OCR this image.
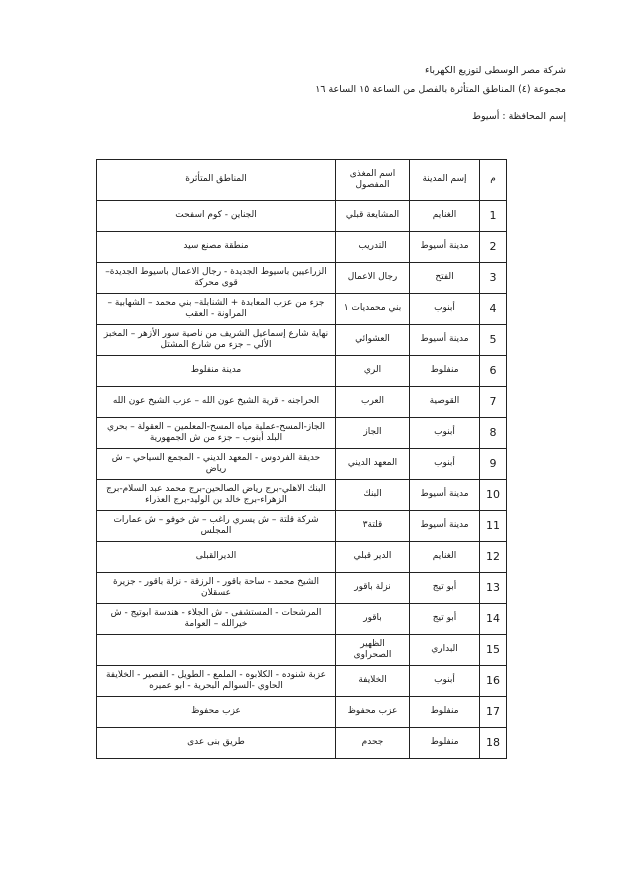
شركة مصر الوسطى لتوزيع الكهرباء
مجموعة (٤) المناطق المتأثرة بالفصل من الساعة ١٥ الساعة ١٦
إسم المحافظة : أسيوط
م	إسم المدينة	اسم المغذى المفصول	المناطق المتأثرة
1	الغنايم	المشايعة قبلي	الجناين - كوم اسفحت
2	مدينة أسيوط	التدريب	منطقة مصنع سيد
3	الفتح	رجال الاعمال	الزراعيين باسيوط الجديدة - رجال الاعمال باسيوط الجديدة– قوى محركة
4	أبنوب	بني محمديات ١	جزء من عزب المعابدة + الشنابلة– بني محمد – الشهابية – المراونة - العقب
5	مدينة أسيوط	العشوائي	نهاية شارع إسماعيل الشريف من ناصية سور الأزهر – المخبز الألي – جزء من شارع المشتل
6	منفلوط	الري	مدينة منفلوط
7	القوصية	العرب	الحراجنه - قرية الشيخ عون الله – عزب الشيخ عون الله
8	أبنوب	الجاز	الجاز-المسح-عملية مياه المسح-المعلمين – العقولة – بحري البلد أبنوب – جزء من ش الجمهورية
9	أبنوب	المعهد الديني	حديقة الفردوس - المعهد الديني - المجمع السياحي – ش رياض
10	مدينة أسيوط	البنك	البنك الاهلي-برج رياض الصالحين-برج محمد عبد السلام-برج الزهراء-برج خالد بن الوليد-برج العذراء
11	مدينة أسيوط	قلتة٣	شركة قلتة – ش يسري راغب – ش خوفو – ش عمارات المجلس
12	الغنايم	الدير قبلي	الديرالقبلى
13	أبو تيج	نزلة باقور	الشيخ محمد - ساحة باقور - الرزقة - نزلة باقور - جزيرة عسقلان
14	أبو تيج	باقور	المرشحات - المستشفى - ش الجلاء - هندسة ابوتيج - ش خيرالله – العوامة
15	البداري	الظهير الصحراوى	
16	أبنوب	الخلايفة	عزبة شنوده - الكلابوه - الملمع - الطويل - القصير - الخلايفة الحاوي -السوالم البحرية - ابو عميره
17	منفلوط	عزب محفوظ	عزب محفوظ
18	منفلوط	جحدم	طريق بنى عدى
